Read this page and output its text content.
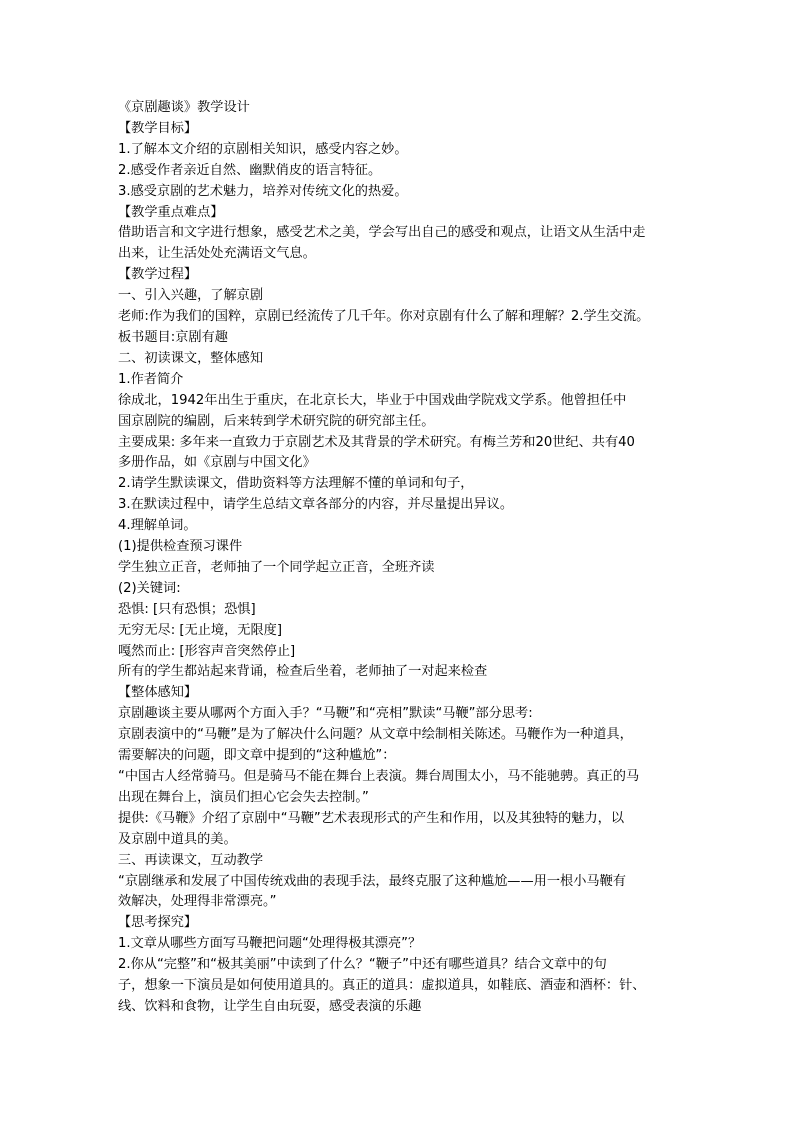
《京剧趣谈》教学设计

【教学目标】

1.了解本文介绍的京剧相关知识，感受内容之妙。

2.感受作者亲近自然、幽默俏皮的语言特征。

3.感受京剧的艺术魅力，培养对传统文化的热爱。

【教学重点难点】

借助语言和文字进行想象，感受艺术之美，学会写出自己的感受和观点，让语文从生活中走

出来，让生活处处充满语文气息。

【教学过程】

一、引入兴趣，了解京剧

老师:作为我们的国粹，京剧已经流传了几千年。你对京剧有什么了解和理解？2.学生交流。

板书题目:京剧有趣

二、初读课文，整体感知

1.作者简介

徐成北，1942年出生于重庆，在北京长大，毕业于中国戏曲学院戏文学系。他曾担任中

国京剧院的编剧，后来转到学术研究院的研究部主任。

主要成果: 多年来一直致力于京剧艺术及其背景的学术研究。有梅兰芳和20世纪、共有40

多册作品，如《京剧与中国文化》

2.请学生默读课文，借助资料等方法理解不懂的单词和句子，

3.在默读过程中，请学生总结文章各部分的内容，并尽量提出异议。

4.理解单词。

(1)提供检查预习课件

学生独立正音，老师抽了一个同学起立正音，全班齐读

(2)关键词:

恐惧: [只有恐惧；恐惧]

无穷无尽: [无止境，无限度]

嘎然而止: [形容声音突然停止]

所有的学生都站起来背诵，检查后坐着，老师抽了一对起来检查

【整体感知】

京剧趣谈主要从哪两个方面入手？“马鞭”和“亮相”默读“马鞭”部分思考:

京剧表演中的“马鞭”是为了解决什么问题？从文章中绘制相关陈述。马鞭作为一种道具，

需要解决的问题，即文章中提到的“这种尴尬”：

“中国古人经常骑马。但是骑马不能在舞台上表演。舞台周围太小，马不能驰骋。真正的马

出现在舞台上，演员们担心它会失去控制。”

提供:《马鞭》介绍了京剧中“马鞭”艺术表现形式的产生和作用，以及其独特的魅力，以

及京剧中道具的美。

三、再读课文，互动教学

“京剧继承和发展了中国传统戏曲的表现手法，最终克服了这种尴尬——用一根小马鞭有

效解决，处理得非常漂亮。”

【思考探究】

1.文章从哪些方面写马鞭把问题“处理得极其漂亮”？

2.你从“完整”和“极其美丽”中读到了什么？“鞭子”中还有哪些道具？结合文章中的句

子，想象一下演员是如何使用道具的。真正的道具：虚拟道具，如鞋底、酒壶和酒杯：针、

线、饮料和食物，让学生自由玩耍，感受表演的乐趣
